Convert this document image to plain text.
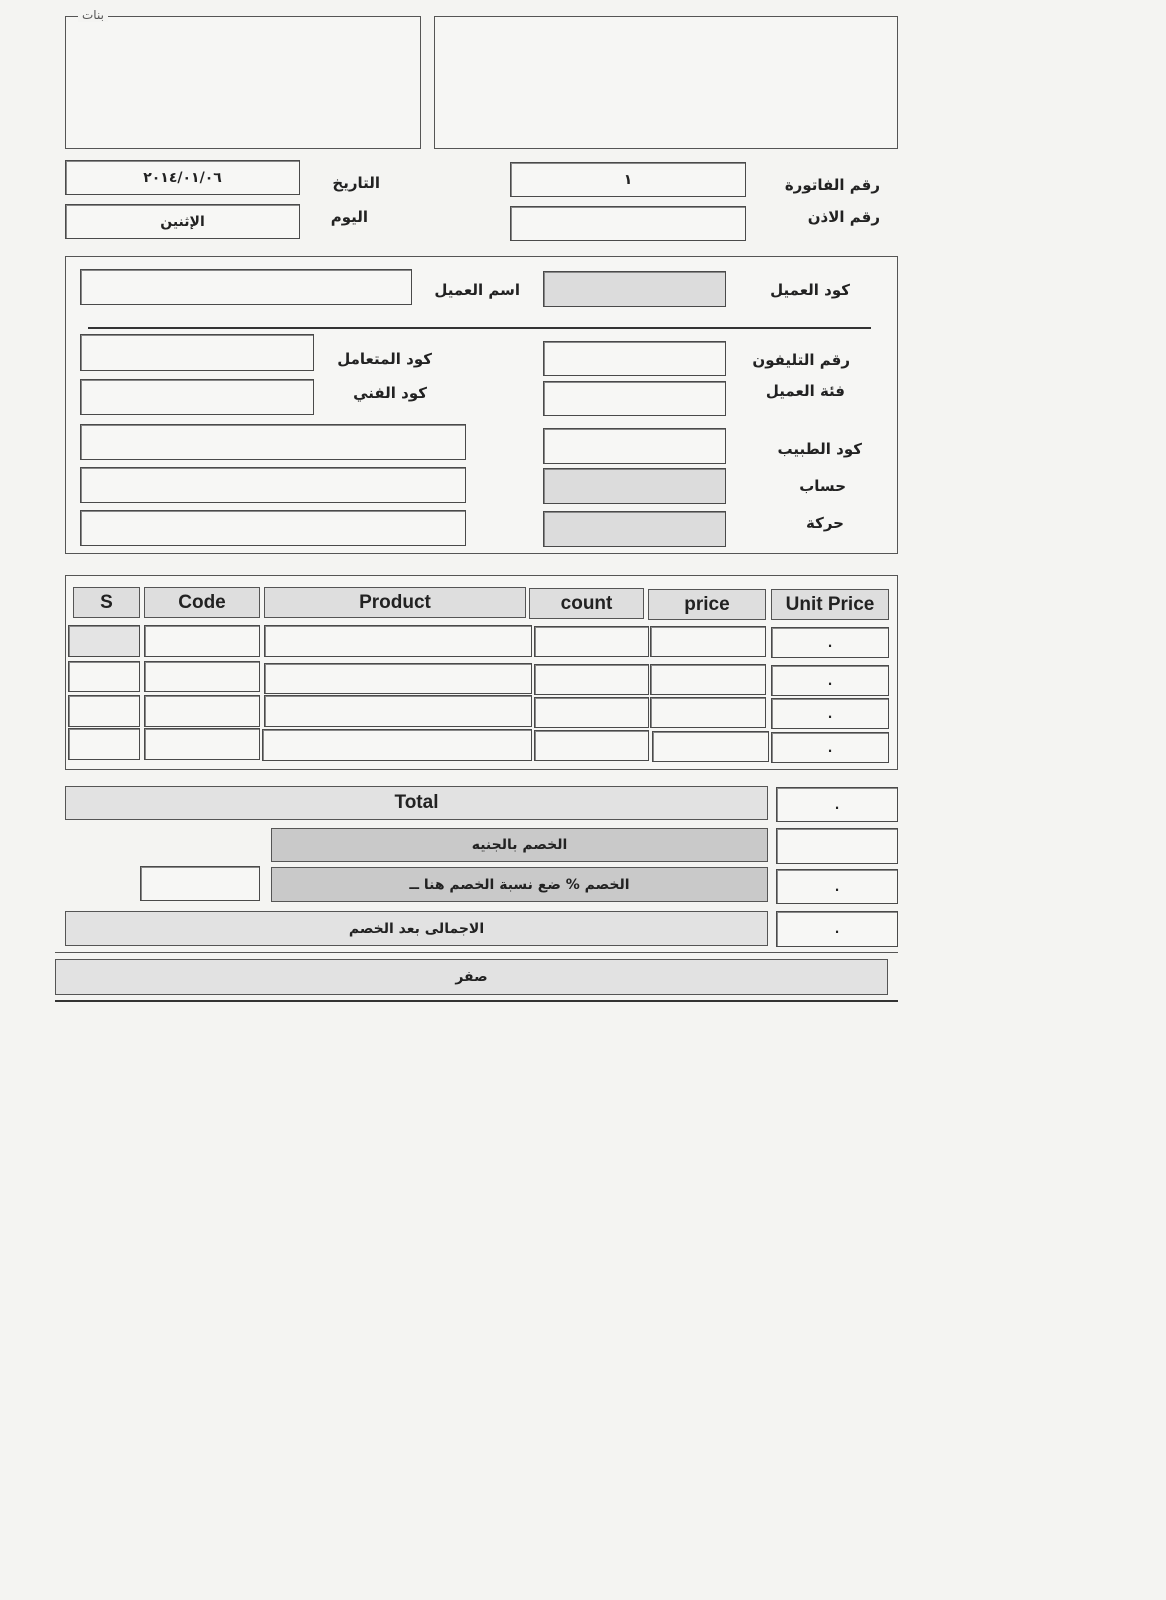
بنات
رقم الفاتورة
١
رقم الاذن
التاريخ
٢٠١٤/٠١/٠٦
اليوم
الإثنين
كود العميل
اسم العميل
رقم التليفون
فئة العميل
كود الطبيب
حساب
حركة
كود المتعامل
كود الفني
S	Code	Product	count	price	Unit Price
.
.
.
.
Total	.
الخصم بالجنيه
الخصم % ضع نسبة الخصم هنا ــ	.
الاجمالى بعد الخصم	.
صفر
